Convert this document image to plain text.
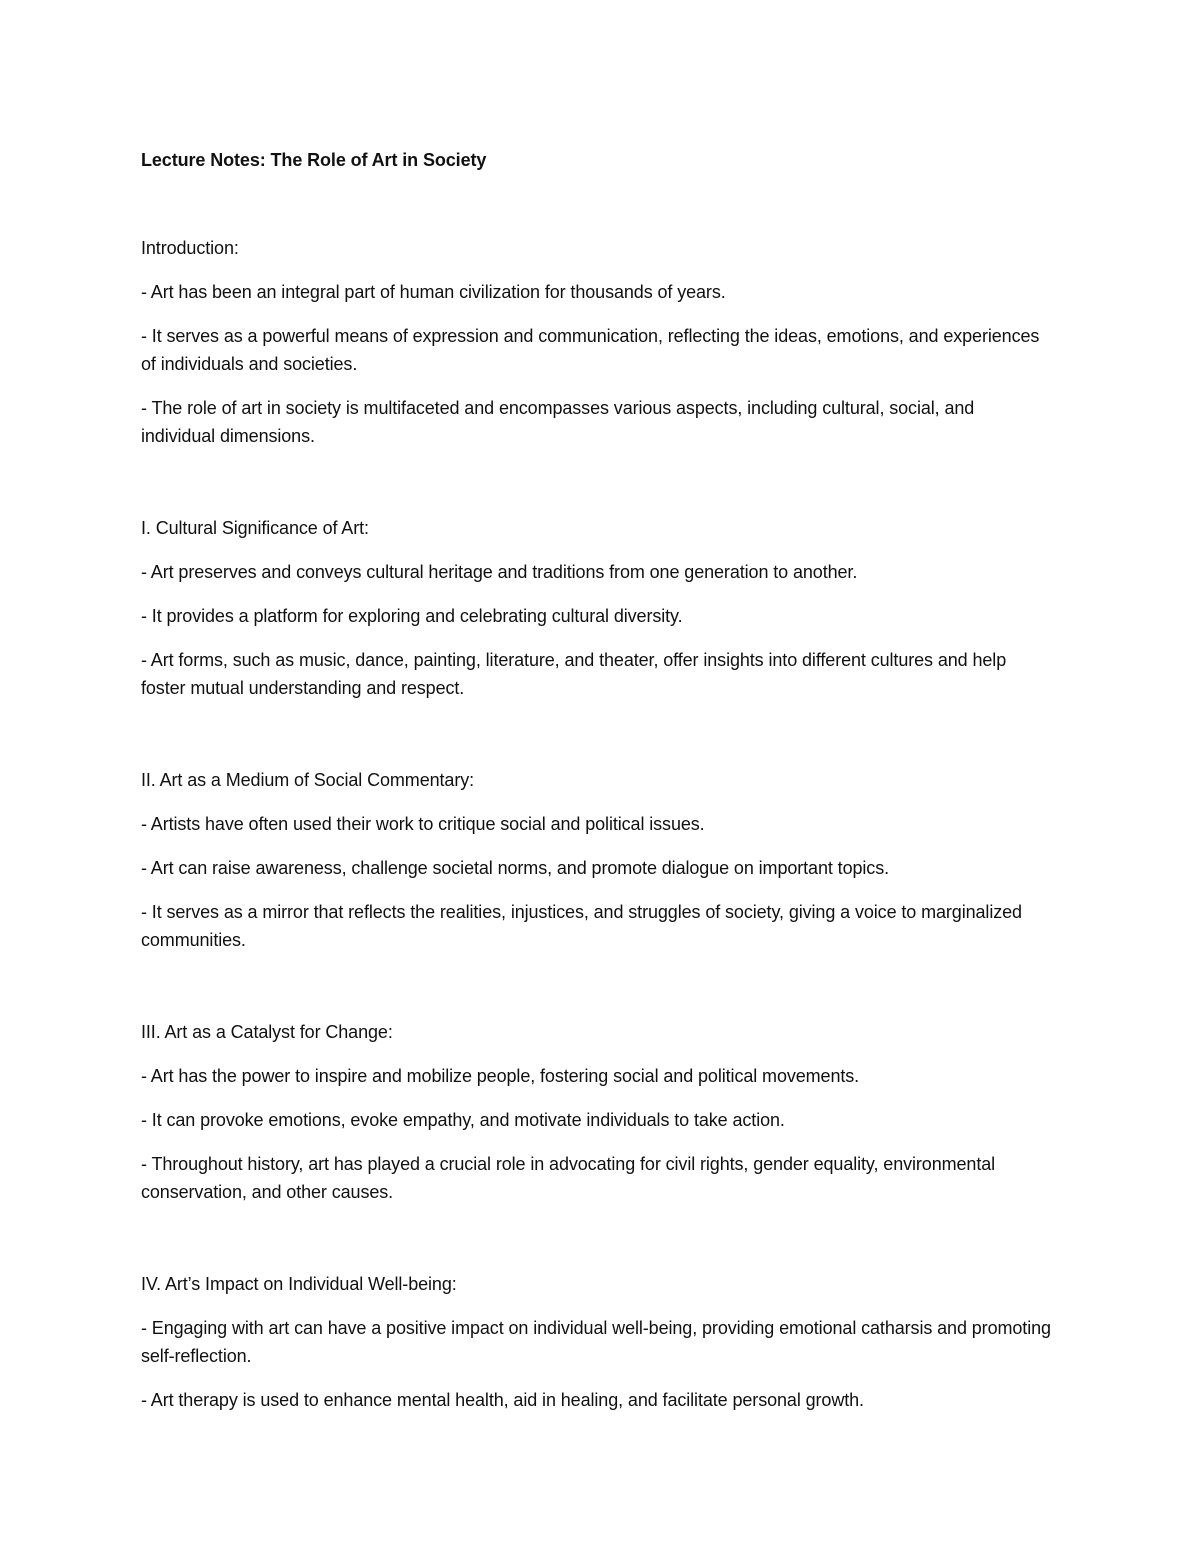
Lecture Notes: The Role of Art in Society

Introduction:

- Art has been an integral part of human civilization for thousands of years.

- It serves as a powerful means of expression and communication, reflecting the ideas, emotions, and experiences of individuals and societies.

- The role of art in society is multifaceted and encompasses various aspects, including cultural, social, and individual dimensions.

I. Cultural Significance of Art:

- Art preserves and conveys cultural heritage and traditions from one generation to another.

- It provides a platform for exploring and celebrating cultural diversity.

- Art forms, such as music, dance, painting, literature, and theater, offer insights into different cultures and help foster mutual understanding and respect.

II. Art as a Medium of Social Commentary:

- Artists have often used their work to critique social and political issues.

- Art can raise awareness, challenge societal norms, and promote dialogue on important topics.

- It serves as a mirror that reflects the realities, injustices, and struggles of society, giving a voice to marginalized communities.

III. Art as a Catalyst for Change:

- Art has the power to inspire and mobilize people, fostering social and political movements.

- It can provoke emotions, evoke empathy, and motivate individuals to take action.

- Throughout history, art has played a crucial role in advocating for civil rights, gender equality, environmental conservation, and other causes.

IV. Art’s Impact on Individual Well-being:

- Engaging with art can have a positive impact on individual well-being, providing emotional catharsis and promoting self-reflection.

- Art therapy is used to enhance mental health, aid in healing, and facilitate personal growth.
